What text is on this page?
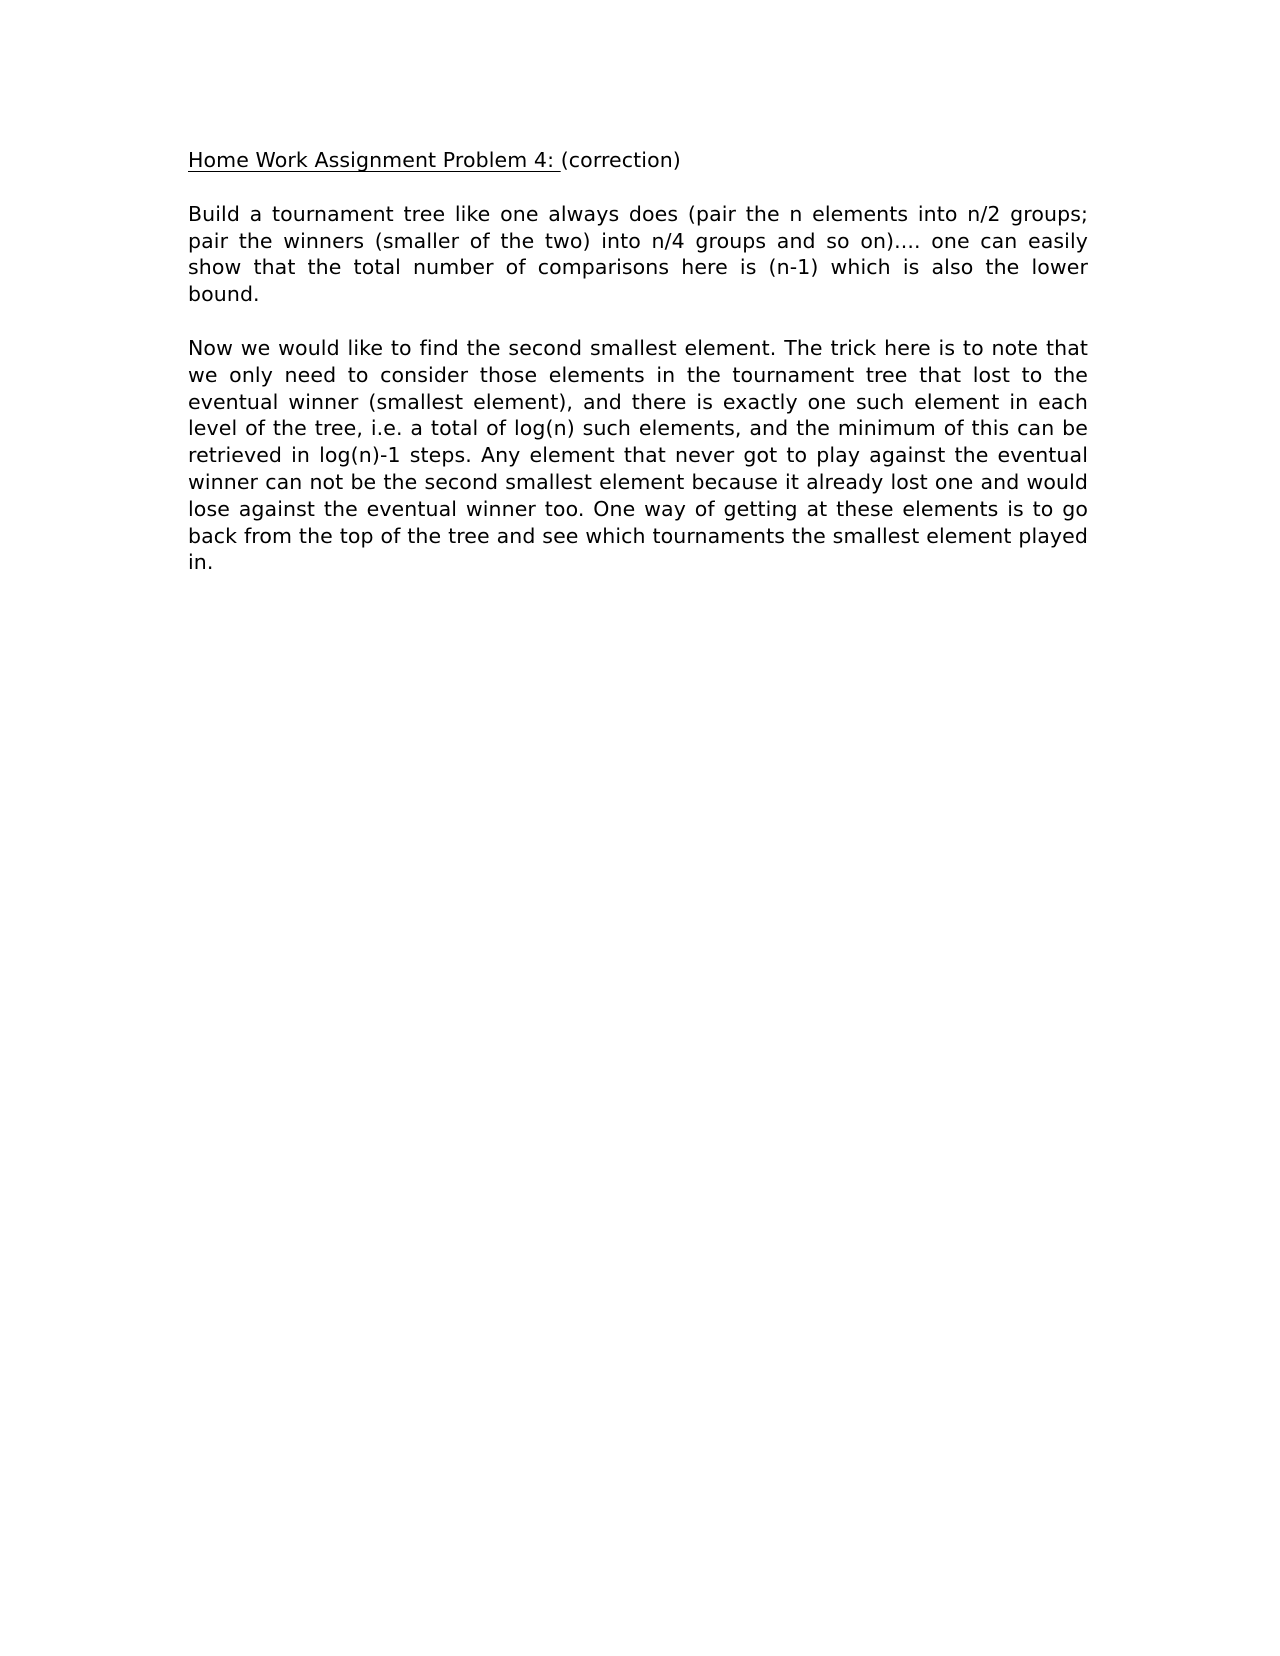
Home Work Assignment Problem 4: (correction)

Build a tournament tree like one always does (pair the n elements into n/2 groups; pair the winners (smaller of the two) into n/4 groups and so on).... one can easily show that the total number of comparisons here is (n-1) which is also the lower bound.

Now we would like to find the second smallest element. The trick here is to note that we only need to consider those elements in the tournament tree that lost to the eventual winner (smallest element), and there is exactly one such element in each level of the tree, i.e. a total of log(n) such elements, and the minimum of this can be retrieved in log(n)-1 steps. Any element that never got to play against the eventual winner can not be the second smallest element because it already lost one and would lose against the eventual winner too. One way of getting at these elements is to go back from the top of the tree and see which tournaments the smallest element played in.
